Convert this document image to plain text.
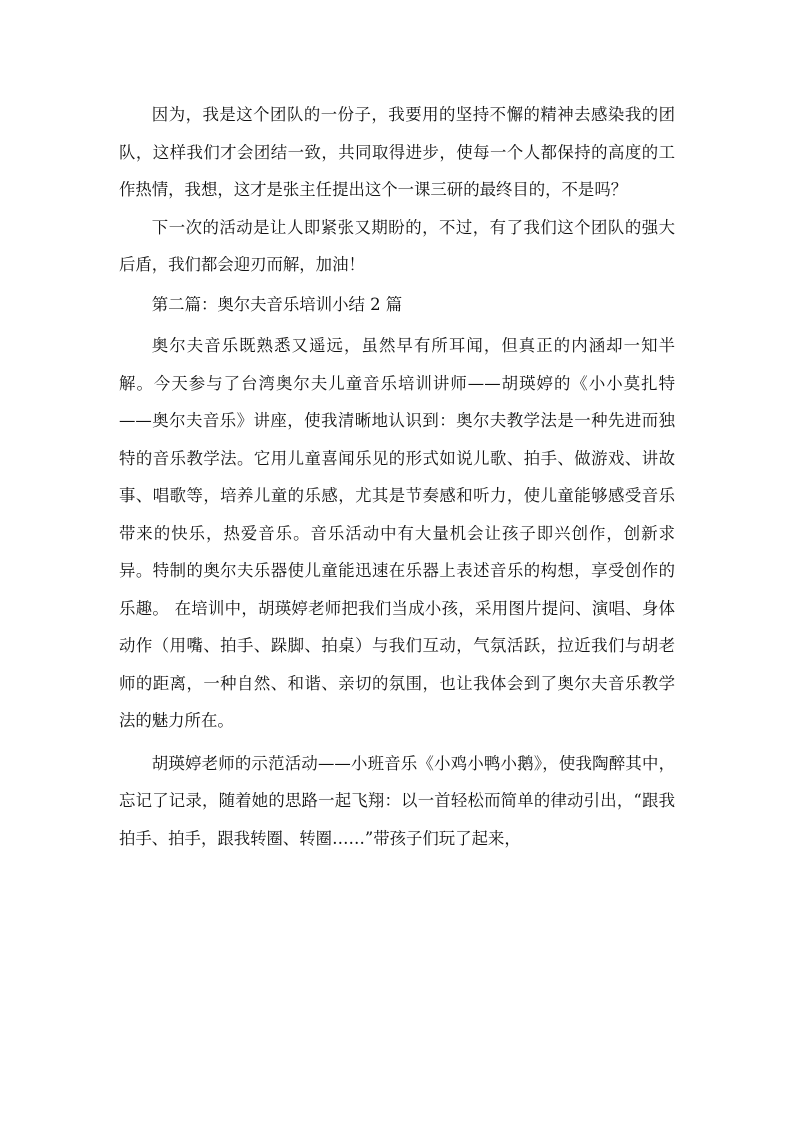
因为，我是这个团队的一份子，我要用的坚持不懈的精神去感染我的团队，这样我们才会团结一致，共同取得进步，使每一个人都保持的高度的工作热情，我想，这才是张主任提出这个一课三研的最终目的，不是吗？

下一次的活动是让人即紧张又期盼的，不过，有了我们这个团队的强大后盾，我们都会迎刃而解，加油！

第二篇：奥尔夫音乐培训小结 2 篇

奥尔夫音乐既熟悉又遥远，虽然早有所耳闻，但真正的内涵却一知半解。今天参与了台湾奥尔夫儿童音乐培训讲师——胡瑛婷的《小小莫扎特——奥尔夫音乐》讲座，使我清晰地认识到：奥尔夫教学法是一种先进而独特的音乐教学法。它用儿童喜闻乐见的形式如说儿歌、拍手、做游戏、讲故事、唱歌等，培养儿童的乐感，尤其是节奏感和听力，使儿童能够感受音乐带来的快乐，热爱音乐。音乐活动中有大量机会让孩子即兴创作，创新求异。特制的奥尔夫乐器使儿童能迅速在乐器上表述音乐的构想，享受创作的乐趣。 在培训中，胡瑛婷老师把我们当成小孩，采用图片提问、演唱、身体动作（用嘴、拍手、跺脚、拍桌）与我们互动，气氛活跃，拉近我们与胡老师的距离，一种自然、和谐、亲切的氛围，也让我体会到了奥尔夫音乐教学法的魅力所在。

胡瑛婷老师的示范活动——小班音乐《小鸡小鸭小鹅》，使我陶醉其中，忘记了记录，随着她的思路一起飞翔：以一首轻松而简单的律动引出，“跟我拍手、拍手，跟我转圈、转圈……”带孩子们玩了起来，
